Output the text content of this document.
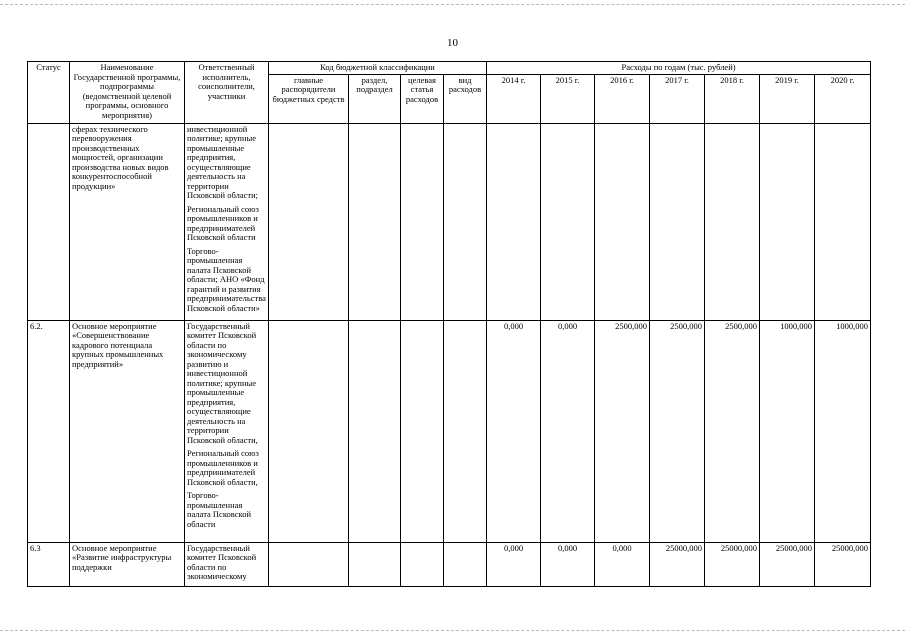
10
Статус	Наименование Государственной программы, подпрограммы (ведомственной целевой программы, основного мероприятия)	Ответственный исполнитель, соисполнители, участники	Код бюджетной классификации				Расходы по годам (тыс. рублей)						
			главные распорядители бюджетных средств	раздел, подраздел	целевая статья расходов	вид расходов	2014 г.	2015 г.	2016 г.	2017 г.	2018 г.	2019 г.	2020 г.
	сферах технического перевооружения производственных мощностей, организации производства новых видов конкурентоспособной продукции»	инвестиционной политике; крупные промышленные предприятия, осуществляющие деятельность на территории Псковской области;
Региональный союз промышленников и предпринимателей Псковской области
Торгово-промышленная палата Псковской области; АНО «Фонд гарантий и развития предпринимательства Псковской области»											

6.2.	Основное мероприятие «Совершенствование кадрового потенциала крупных промышленных предприятий»	Государственный комитет Псковской области по экономическому развитию и инвестиционной политике; крупные промышленные предприятия, осуществляющие деятельность на территории Псковской области,
Региональный союз промышленников и предпринимателей Псковской области,
Торгово-промышленная палата Псковской области					0,000	0,000	2500,000	2500,000	2500,000	1000,000	1000,000
6.3	Основное мероприятие «Развитие инфраструктуры поддержки	Государственный комитет Псковской области по экономическому					0,000	0,000	0,000	25000,000	25000,000	25000,000	25000,000
